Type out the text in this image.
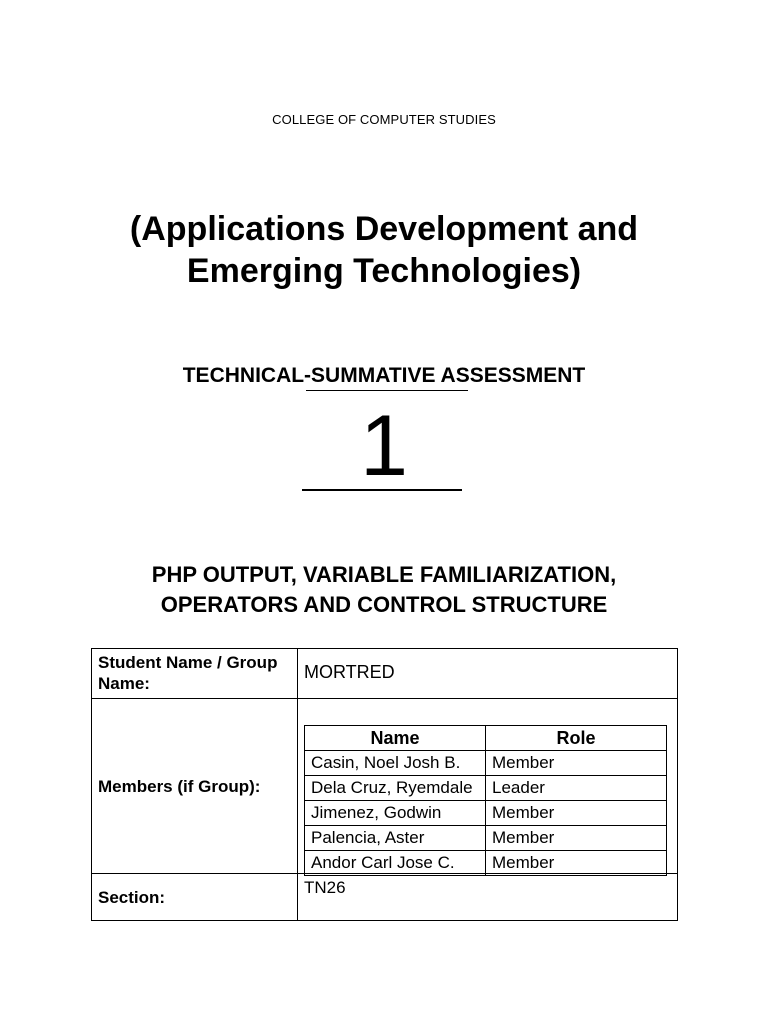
COLLEGE OF COMPUTER STUDIES
(Applications Development and Emerging Technologies)
TECHNICAL-SUMMATIVE ASSESSMENT
1
PHP OUTPUT, VARIABLE FAMILIARIZATION, OPERATORS AND CONTROL STRUCTURE
Student Name / Group Name:
MORTRED
Members (if Group):
Name	Role
Casin, Noel Josh B.	Member
Dela Cruz, Ryemdale	Leader
Jimenez, Godwin	Member
Palencia, Aster	Member
Andor Carl Jose C.	Member
Section:
TN26
